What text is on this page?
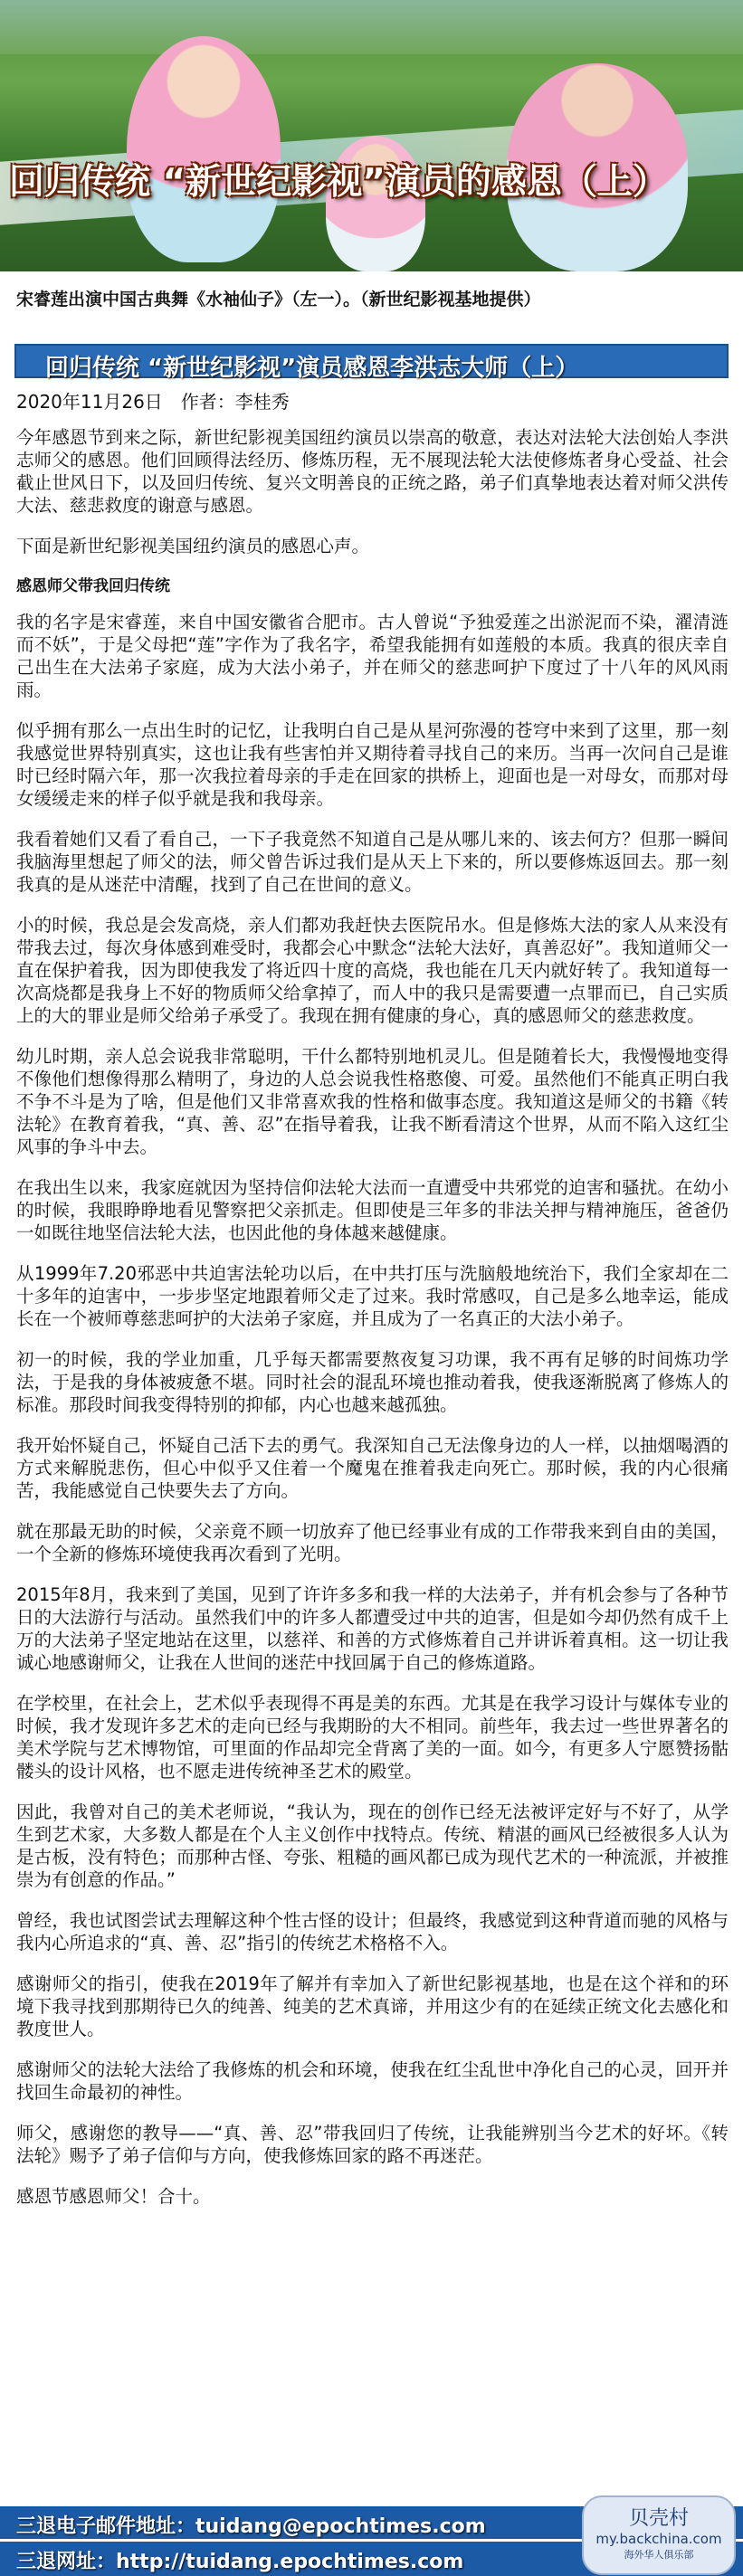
回归传统 “新世纪影视”演员的感恩（上）
宋睿莲出演中国古典舞《水袖仙子》（左一）。（新世纪影视基地提供）
回归传统 “新世纪影视”演员感恩李洪志大师（上）
2020年11月26日　作者：李桂秀

今年感恩节到来之际，新世纪影视美国纽约演员以崇高的敬意，表达对法轮大法创始人李洪志师父的感恩。他们回顾得法经历、修炼历程，无不展现法轮大法使修炼者身心受益、社会截止世风日下，以及回归传统、复兴文明善良的正统之路，弟子们真挚地表达着对师父洪传大法、慈悲救度的谢意与感恩。

下面是新世纪影视美国纽约演员的感恩心声。

感恩师父带我回归传统

我的名字是宋睿莲，来自中国安徽省合肥市。古人曾说“予独爱莲之出淤泥而不染，濯清涟而不妖”，于是父母把“莲”字作为了我名字，希望我能拥有如莲般的本质。我真的很庆幸自己出生在大法弟子家庭，成为大法小弟子，并在师父的慈悲呵护下度过了十八年的风风雨雨。

似乎拥有那么一点出生时的记忆，让我明白自己是从星河弥漫的苍穹中来到了这里，那一刻我感觉世界特别真实，这也让我有些害怕并又期待着寻找自己的来历。当再一次问自己是谁时已经时隔六年，那一次我拉着母亲的手走在回家的拱桥上，迎面也是一对母女，而那对母女缓缓走来的样子似乎就是我和我母亲。

我看着她们又看了看自己，一下子我竟然不知道自己是从哪儿来的、该去何方？但那一瞬间我脑海里想起了师父的法，师父曾告诉过我们是从天上下来的，所以要修炼返回去。那一刻我真的是从迷茫中清醒，找到了自己在世间的意义。

小的时候，我总是会发高烧，亲人们都劝我赶快去医院吊水。但是修炼大法的家人从来没有带我去过，每次身体感到难受时，我都会心中默念“法轮大法好，真善忍好”。我知道师父一直在保护着我，因为即使我发了将近四十度的高烧，我也能在几天内就好转了。我知道每一次高烧都是我身上不好的物质师父给拿掉了，而人中的我只是需要遭一点罪而已，自己实质上的大的罪业是师父给弟子承受了。我现在拥有健康的身心，真的感恩师父的慈悲救度。

幼儿时期，亲人总会说我非常聪明，干什么都特别地机灵儿。但是随着长大，我慢慢地变得不像他们想像得那么精明了，身边的人总会说我性格憨傻、可爱。虽然他们不能真正明白我不争不斗是为了啥，但是他们又非常喜欢我的性格和做事态度。我知道这是师父的书籍《转法轮》在教育着我，“真、善、忍”在指导着我，让我不断看清这个世界，从而不陷入这红尘风事的争斗中去。

在我出生以来，我家庭就因为坚持信仰法轮大法而一直遭受中共邪党的迫害和骚扰。在幼小的时候，我眼睁睁地看见警察把父亲抓走。但即使是三年多的非法关押与精神施压，爸爸仍一如既往地坚信法轮大法，也因此他的身体越来越健康。

从1999年7.20邪恶中共迫害法轮功以后，在中共打压与洗脑般地统治下，我们全家却在二十多年的迫害中，一步步坚定地跟着师父走了过来。我时常感叹，自己是多么地幸运，能成长在一个被师尊慈悲呵护的大法弟子家庭，并且成为了一名真正的大法小弟子。

初一的时候，我的学业加重，几乎每天都需要熬夜复习功课，我不再有足够的时间炼功学法，于是我的身体被疲惫不堪。同时社会的混乱环境也推动着我，使我逐渐脱离了修炼人的标准。那段时间我变得特别的抑郁，内心也越来越孤独。

我开始怀疑自己，怀疑自己活下去的勇气。我深知自己无法像身边的人一样，以抽烟喝酒的方式来解脱悲伤，但心中似乎又住着一个魔鬼在推着我走向死亡。那时候，我的内心很痛苦，我能感觉自己快要失去了方向。

就在那最无助的时候，父亲竟不顾一切放弃了他已经事业有成的工作带我来到自由的美国，一个全新的修炼环境使我再次看到了光明。

2015年8月，我来到了美国，见到了许许多多和我一样的大法弟子，并有机会参与了各种节日的大法游行与活动。虽然我们中的许多人都遭受过中共的迫害，但是如今却仍然有成千上万的大法弟子坚定地站在这里，以慈祥、和善的方式修炼着自己并讲诉着真相。这一切让我诚心地感谢师父，让我在人世间的迷茫中找回属于自己的修炼道路。

在学校里，在社会上，艺术似乎表现得不再是美的东西。尤其是在我学习设计与媒体专业的时候，我才发现许多艺术的走向已经与我期盼的大不相同。前些年，我去过一些世界著名的美术学院与艺术博物馆，可里面的作品却完全背离了美的一面。如今，有更多人宁愿赞扬骷髅头的设计风格，也不愿走进传统神圣艺术的殿堂。

因此，我曾对自己的美术老师说，“我认为，现在的创作已经无法被评定好与不好了，从学生到艺术家，大多数人都是在个人主义创作中找特点。传统、精湛的画风已经被很多人认为是古板，没有特色；而那种古怪、夸张、粗糙的画风都已成为现代艺术的一种流派，并被推崇为有创意的作品。”

曾经，我也试图尝试去理解这种个性古怪的设计；但最终，我感觉到这种背道而驰的风格与我内心所追求的“真、善、忍”指引的传统艺术格格不入。

感谢师父的指引，使我在2019年了解并有幸加入了新世纪影视基地，也是在这个祥和的环境下我寻找到那期待已久的纯善、纯美的艺术真谛，并用这少有的在延续正统文化去感化和教度世人。

感谢师父的法轮大法给了我修炼的机会和环境，使我在红尘乱世中净化自己的心灵，回开并找回生命最初的神性。

师父，感谢您的教导——“真、善、忍”带我回归了传统，让我能辨别当今艺术的好坏。《转法轮》赐予了弟子信仰与方向，使我修炼回家的路不再迷茫。

感恩节感恩师父！合十。

三退电子邮件地址：tuidang@epochtimes.com
三退网址：http://tuidang.epochtimes.com
贝壳村
my.backchina.com
海外华人俱乐部
